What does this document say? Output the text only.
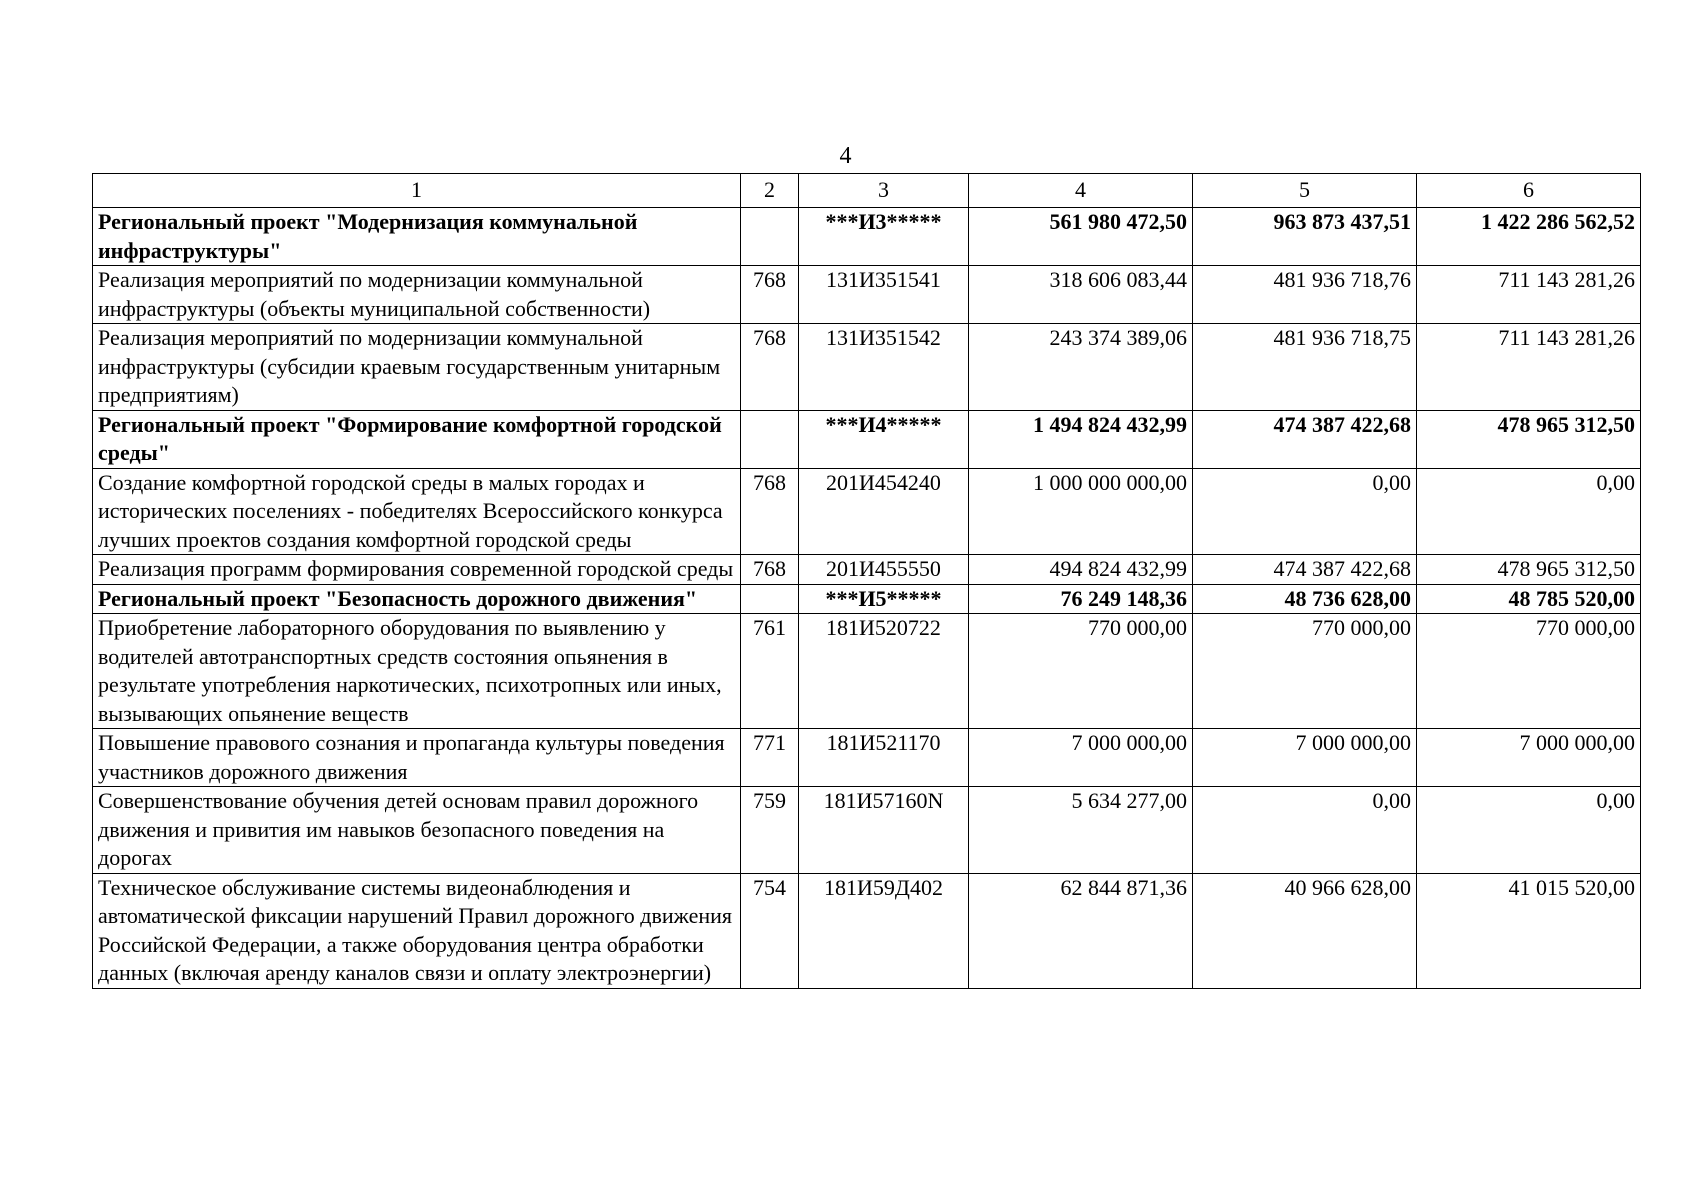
4
1	2	3	4	5	6
Региональный проект "Модернизация коммунальной инфраструктуры"		***И3*****	561 980 472,50	963 873 437,51	1 422 286 562,52
Реализация мероприятий по модернизации коммунальной инфраструктуры (объекты муниципальной собственности)	768	131И351541	318 606 083,44	481 936 718,76	711 143 281,26
Реализация мероприятий по модернизации коммунальной инфраструктуры (субсидии краевым государственным унитарным предприятиям)	768	131И351542	243 374 389,06	481 936 718,75	711 143 281,26
Региональный проект "Формирование комфортной городской среды"		***И4*****	1 494 824 432,99	474 387 422,68	478 965 312,50
Создание комфортной городской среды в малых городах и исторических поселениях - победителях Всероссийского конкурса лучших проектов создания комфортной городской среды	768	201И454240	1 000 000 000,00	0,00	0,00
Реализация программ формирования современной городской среды	768	201И455550	494 824 432,99	474 387 422,68	478 965 312,50
Региональный проект "Безопасность дорожного движения"		***И5*****	76 249 148,36	48 736 628,00	48 785 520,00
Приобретение лабораторного оборудования по выявлению у водителей автотранспортных средств состояния опьянения в результате употребления наркотических, психотропных или иных, вызывающих опьянение веществ	761	181И520722	770 000,00	770 000,00	770 000,00
Повышение правового сознания и пропаганда культуры поведения участников дорожного движения	771	181И521170	7 000 000,00	7 000 000,00	7 000 000,00
Совершенствование обучения детей основам правил дорожного движения и привития им навыков безопасного поведения на дорогах	759	181И57160N	5 634 277,00	0,00	0,00
Техническое обслуживание системы видеонаблюдения и автоматической фиксации нарушений Правил дорожного движения Российской Федерации, а также оборудования центра обработки данных (включая аренду каналов связи и оплату электроэнергии)	754	181И59Д402	62 844 871,36	40 966 628,00	41 015 520,00
